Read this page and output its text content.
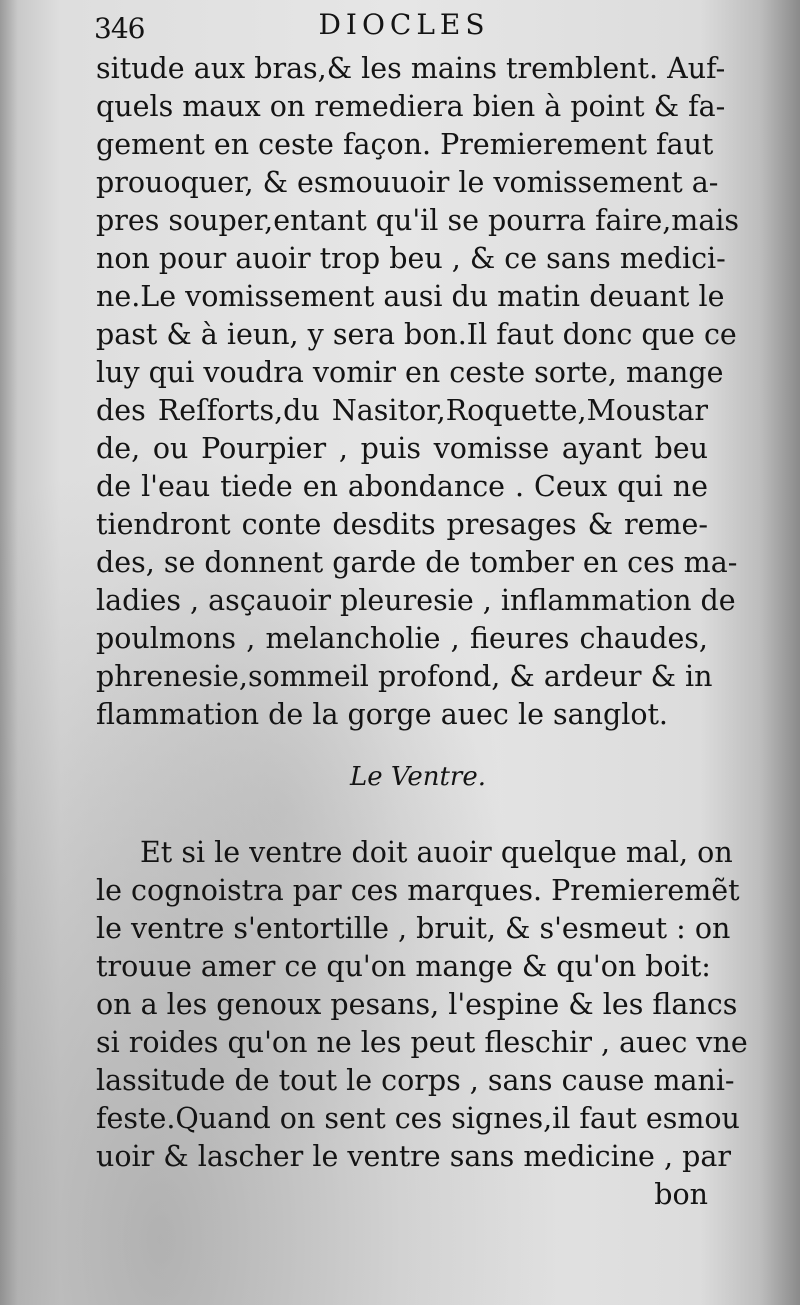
346	DIOCLES
situde aux bras,& les mains tremblent. Auf-
quels maux on remediera bien à point & fa-
gement en ceste façon. Premierement faut
prouoquer, & esmouuoir le vomissement a-
pres souper,entant qu'il se pourra faire,mais
non pour auoir trop beu , & ce sans medici-
ne.Le vomissement ausi du matin deuant le
past & à ieun, y sera bon.Il faut donc que ce
luy qui voudra vomir en ceste sorte, mange
des Reſforts,du Nasitor,Roquette,Moustar
de, ou Pourpier , puis vomisse ayant beu
de l'eau tiede en abondance . Ceux qui ne
tiendront conte desdits presages & reme-
des, se donnent garde de tomber en ces ma-
ladies , asçauoir pleuresie , inflammation de
poulmons , melancholie , fieures chaudes,
phrenesie,sommeil profond, & ardeur & in
flammation de la gorge auec le sanglot.
Le Ventre.
Et si le ventre doit auoir quelque mal, on
le cognoistra par ces marques. Premieremẽt
le ventre s'entortille , bruit, & s'esmeut : on
trouue amer ce qu'on mange & qu'on boit:
on a les genoux pesans, l'espine & les flancs
si roides qu'on ne les peut fleschir , auec vne
lassitude de tout le corps , sans cause mani-
feste.Quand on sent ces signes,il faut esmou
uoir & lascher le ventre sans medicine , par
bon
